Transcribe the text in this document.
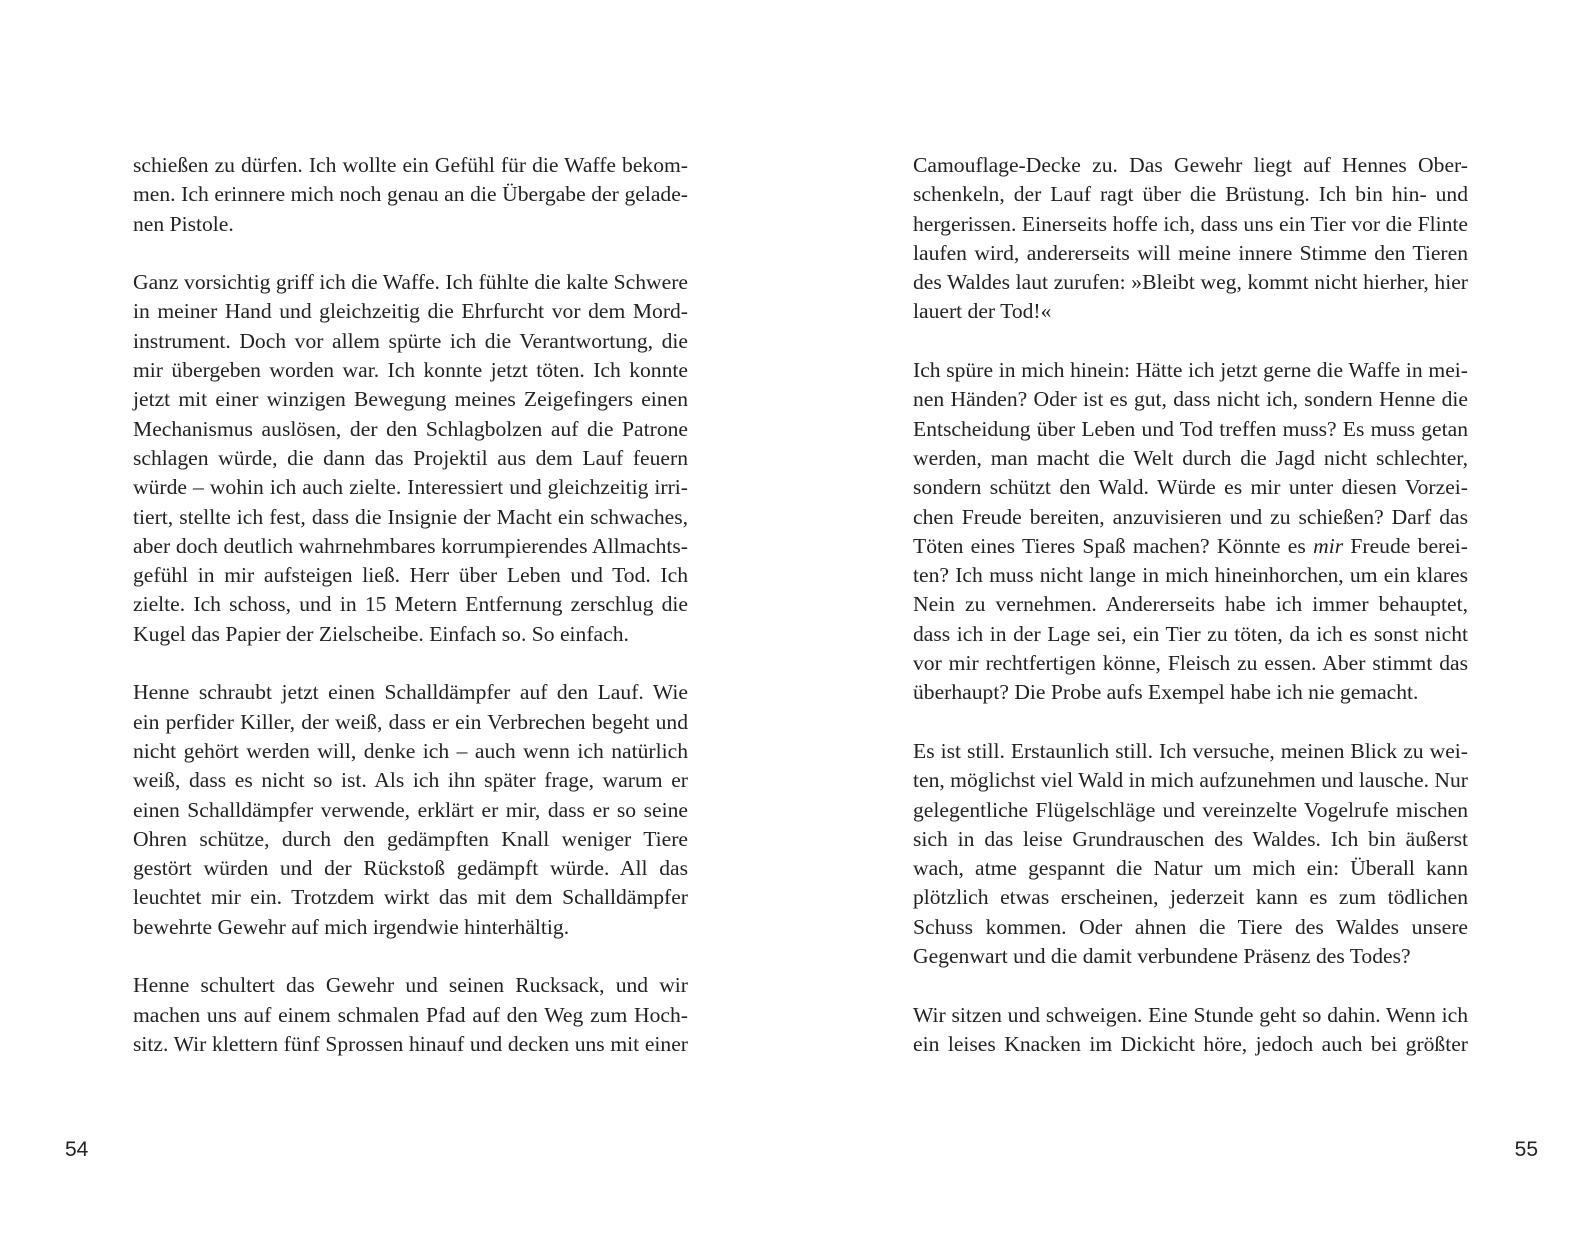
schießen zu dürfen. Ich wollte ein Gefühl für die Waffe bekom-
men. Ich erinnere mich noch genau an die Übergabe der gelade-
nen Pistole.
Ganz vorsichtig griff ich die Waffe. Ich fühlte die kalte Schwere
in meiner Hand und gleichzeitig die Ehrfurcht vor dem Mord-
instrument. Doch vor allem spürte ich die Verantwortung, die
mir übergeben worden war. Ich konnte jetzt töten. Ich konnte
jetzt mit einer winzigen Bewegung meines Zeigefingers einen
Mechanismus auslösen, der den Schlagbolzen auf die Patrone
schlagen würde, die dann das Projektil aus dem Lauf feuern
würde – wohin ich auch zielte. Interessiert und gleichzeitig irri-
tiert, stellte ich fest, dass die Insignie der Macht ein schwaches,
aber doch deutlich wahrnehmbares korrumpierendes Allmachts-
gefühl in mir aufsteigen ließ. Herr über Leben und Tod. Ich
zielte. Ich schoss, und in 15 Metern Entfernung zerschlug die
Kugel das Papier der Zielscheibe. Einfach so. So einfach.
Henne schraubt jetzt einen Schalldämpfer auf den Lauf. Wie
ein perfider Killer, der weiß, dass er ein Verbrechen begeht und
nicht gehört werden will, denke ich – auch wenn ich natürlich
weiß, dass es nicht so ist. Als ich ihn später frage, warum er
einen Schalldämpfer verwende, erklärt er mir, dass er so seine
Ohren schütze, durch den gedämpften Knall weniger Tiere
gestört würden und der Rückstoß gedämpft würde. All das
leuchtet mir ein. Trotzdem wirkt das mit dem Schalldämpfer
bewehrte Gewehr auf mich irgendwie hinterhältig.
Henne schultert das Gewehr und seinen Rucksack, und wir
machen uns auf einem schmalen Pfad auf den Weg zum Hoch-
sitz. Wir klettern fünf Sprossen hinauf und decken uns mit einer
54
Camouflage-Decke zu. Das Gewehr liegt auf Hennes Ober-
schenkeln, der Lauf ragt über die Brüstung. Ich bin hin- und
hergerissen. Einerseits hoffe ich, dass uns ein Tier vor die Flinte
laufen wird, andererseits will meine innere Stimme den Tieren
des Waldes laut zurufen: »Bleibt weg, kommt nicht hierher, hier
lauert der Tod!«
Ich spüre in mich hinein: Hätte ich jetzt gerne die Waffe in mei-
nen Händen? Oder ist es gut, dass nicht ich, sondern Henne die
Entscheidung über Leben und Tod treffen muss? Es muss getan
werden, man macht die Welt durch die Jagd nicht schlechter,
sondern schützt den Wald. Würde es mir unter diesen Vorzei-
chen Freude bereiten, anzuvisieren und zu schießen? Darf das
Töten eines Tieres Spaß machen? Könnte es mir Freude berei-
ten? Ich muss nicht lange in mich hineinhorchen, um ein klares
Nein zu vernehmen. Andererseits habe ich immer behauptet,
dass ich in der Lage sei, ein Tier zu töten, da ich es sonst nicht
vor mir rechtfertigen könne, Fleisch zu essen. Aber stimmt das
überhaupt? Die Probe aufs Exempel habe ich nie gemacht.
Es ist still. Erstaunlich still. Ich versuche, meinen Blick zu wei-
ten, möglichst viel Wald in mich aufzunehmen und lausche. Nur
gelegentliche Flügelschläge und vereinzelte Vogelrufe mischen
sich in das leise Grundrauschen des Waldes. Ich bin äußerst
wach, atme gespannt die Natur um mich ein: Überall kann
plötzlich etwas erscheinen, jederzeit kann es zum tödlichen
Schuss kommen. Oder ahnen die Tiere des Waldes unsere
Gegenwart und die damit verbundene Präsenz des Todes?
Wir sitzen und schweigen. Eine Stunde geht so dahin. Wenn ich
ein leises Knacken im Dickicht höre, jedoch auch bei größter
55
